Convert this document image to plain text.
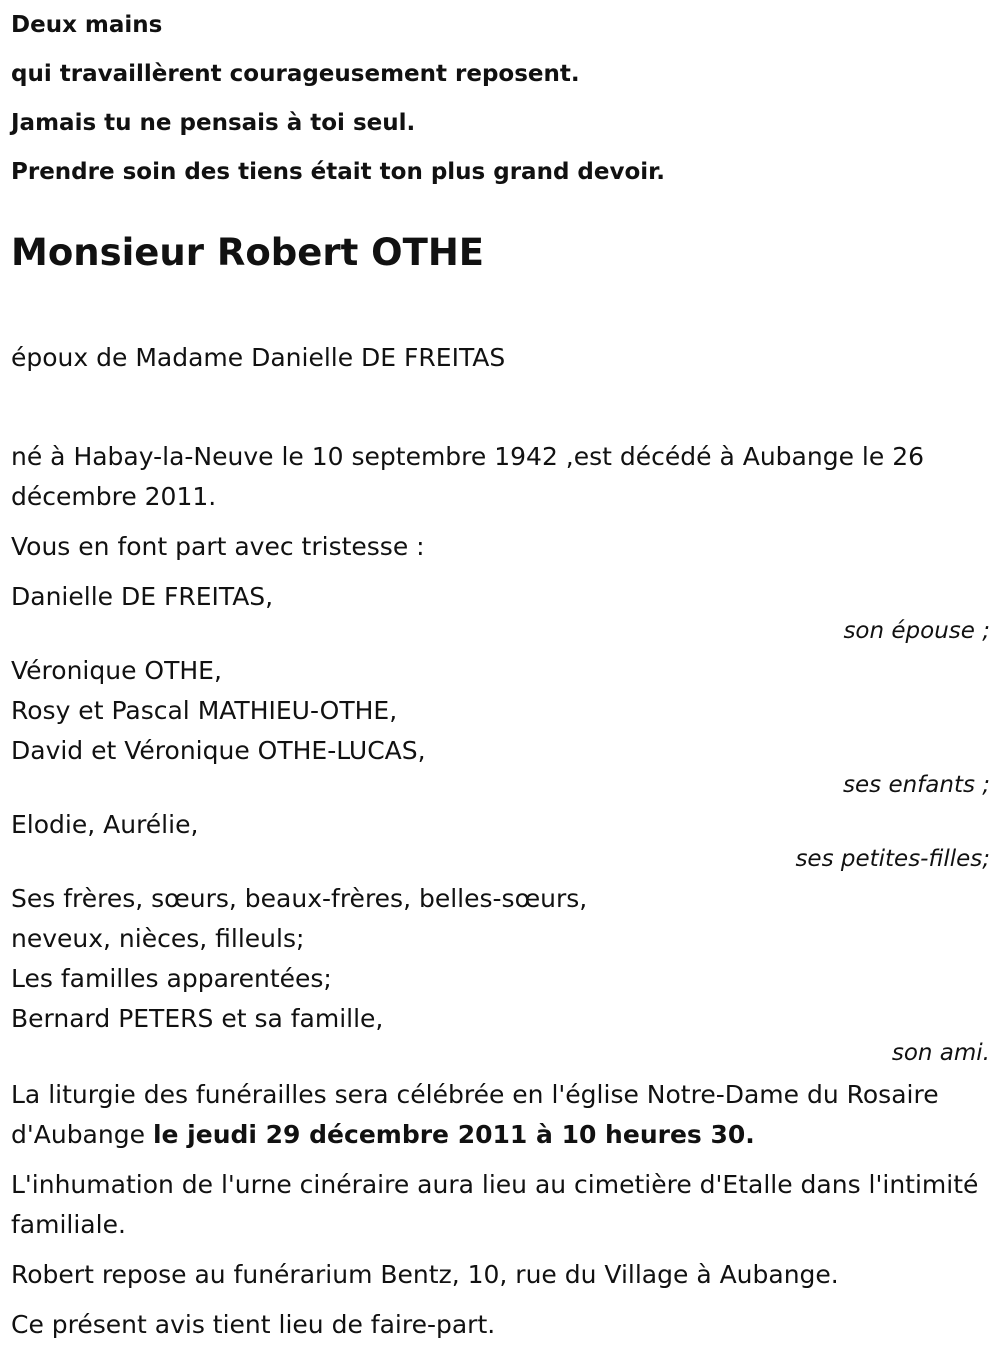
Deux mains

qui travaillèrent courageusement reposent.

Jamais tu ne pensais à toi seul.

Prendre soin des tiens était ton plus grand devoir.

Monsieur Robert OTHE

époux de Madame Danielle DE FREITAS

né à Habay-la-Neuve le 10 septembre 1942 ,est décédé à Aubange le 26 décembre 2011.

Vous en font part avec tristesse :

Danielle DE FREITAS,

son épouse ;

Véronique OTHE,

Rosy et Pascal MATHIEU-OTHE,

David et Véronique OTHE-LUCAS,

ses enfants ;

Elodie, Aurélie,

ses petites-filles;

Ses frères, sœurs, beaux-frères, belles-sœurs,

neveux, nièces, filleuls;

Les familles apparentées;

Bernard PETERS et sa famille,

son ami.

La liturgie des funérailles sera célébrée en l'église Notre-Dame du Rosaire d'Aubange le jeudi 29 décembre 2011 à 10 heures 30.

L'inhumation de l'urne cinéraire aura lieu au cimetière d'Etalle dans l'intimité familiale.

Robert repose au funérarium Bentz, 10, rue du Village à Aubange.

Ce présent avis tient lieu de faire-part.
